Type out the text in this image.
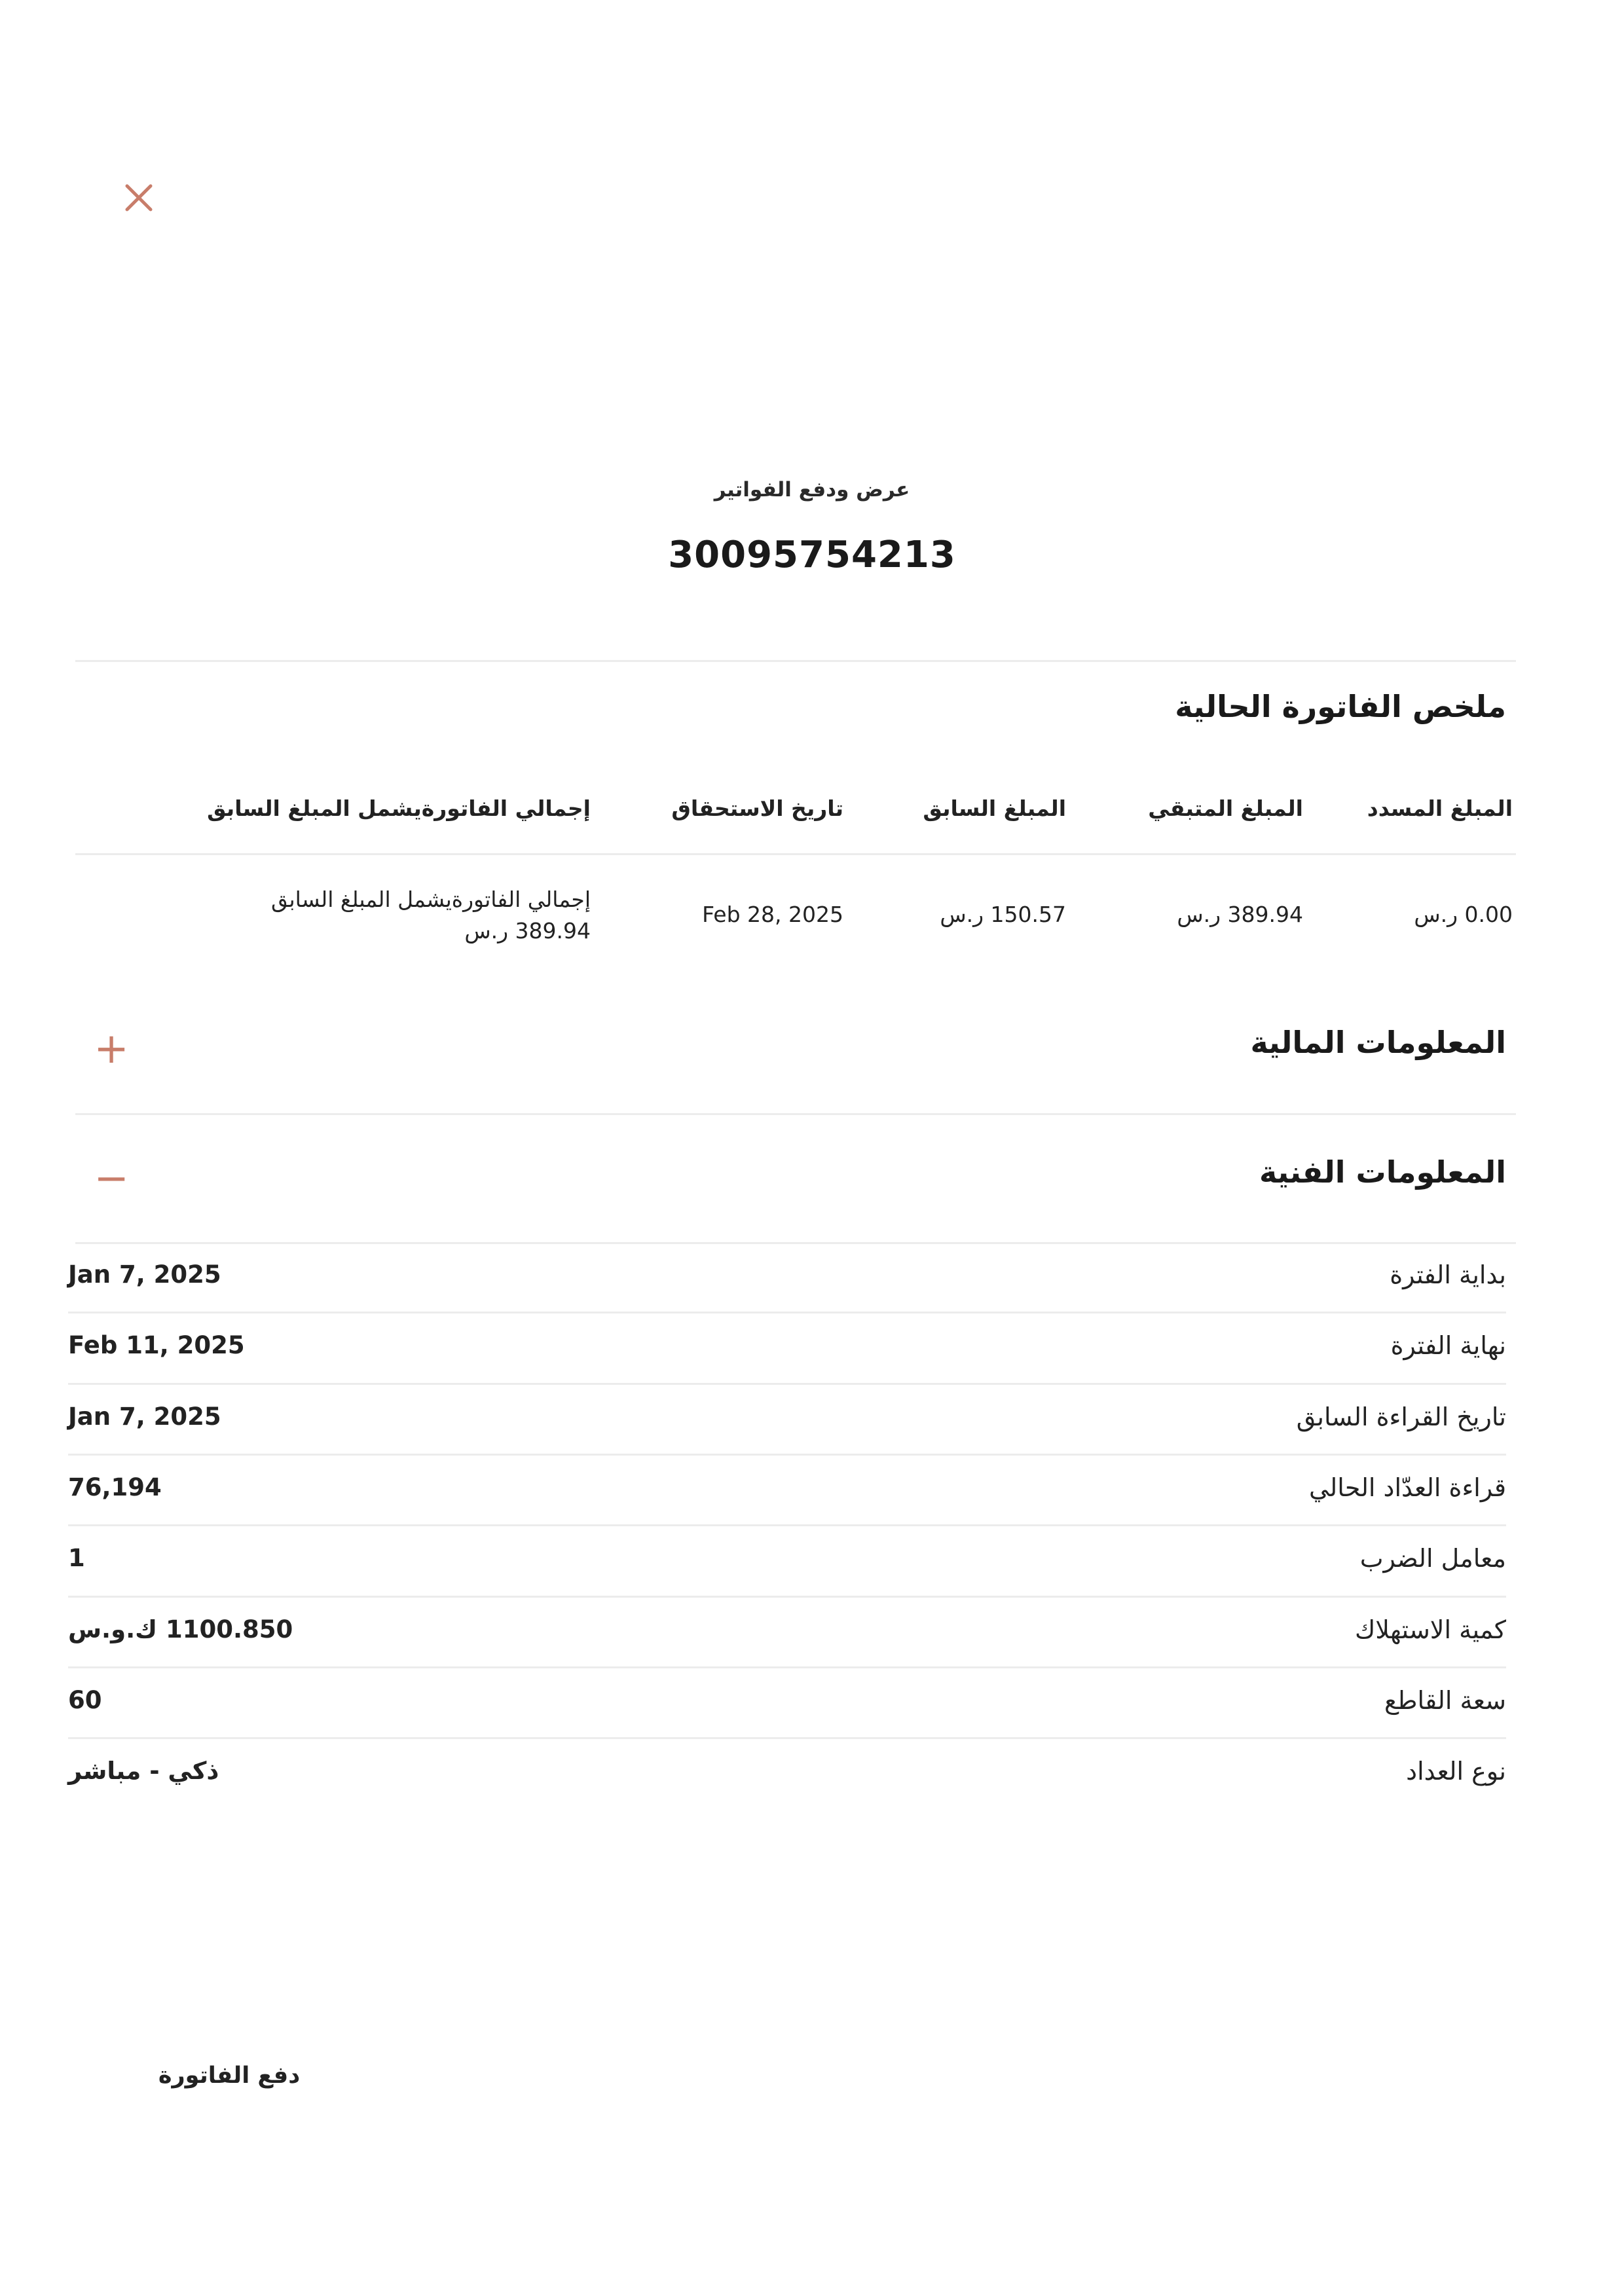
عرض ودفع الفواتير
30095754213
ملخص الفاتورة الحالية
المبلغ المسدد
المبلغ المتبقي
المبلغ السابق
تاريخ الاستحقاق
إجمالي الفاتورةيشمل المبلغ السابق
0.00 ر.س
389.94 ر.س
150.57 ر.س
Feb 28, 2025
إجمالي الفاتورةيشمل المبلغ السابق
389.94 ر.س
المعلومات المالية
+
المعلومات الفنية
−
بداية الفترة
Jan 7, 2025
نهاية الفترة
Feb 11, 2025
تاريخ القراءة السابق
Jan 7, 2025
قراءة العدّاد الحالي
76,194
معامل الضرب
1
كمية الاستهلاك
1100.850 ك.و.س
سعة القاطع
60
نوع العداد
ذكي - مباشر
دفع الفاتورة
